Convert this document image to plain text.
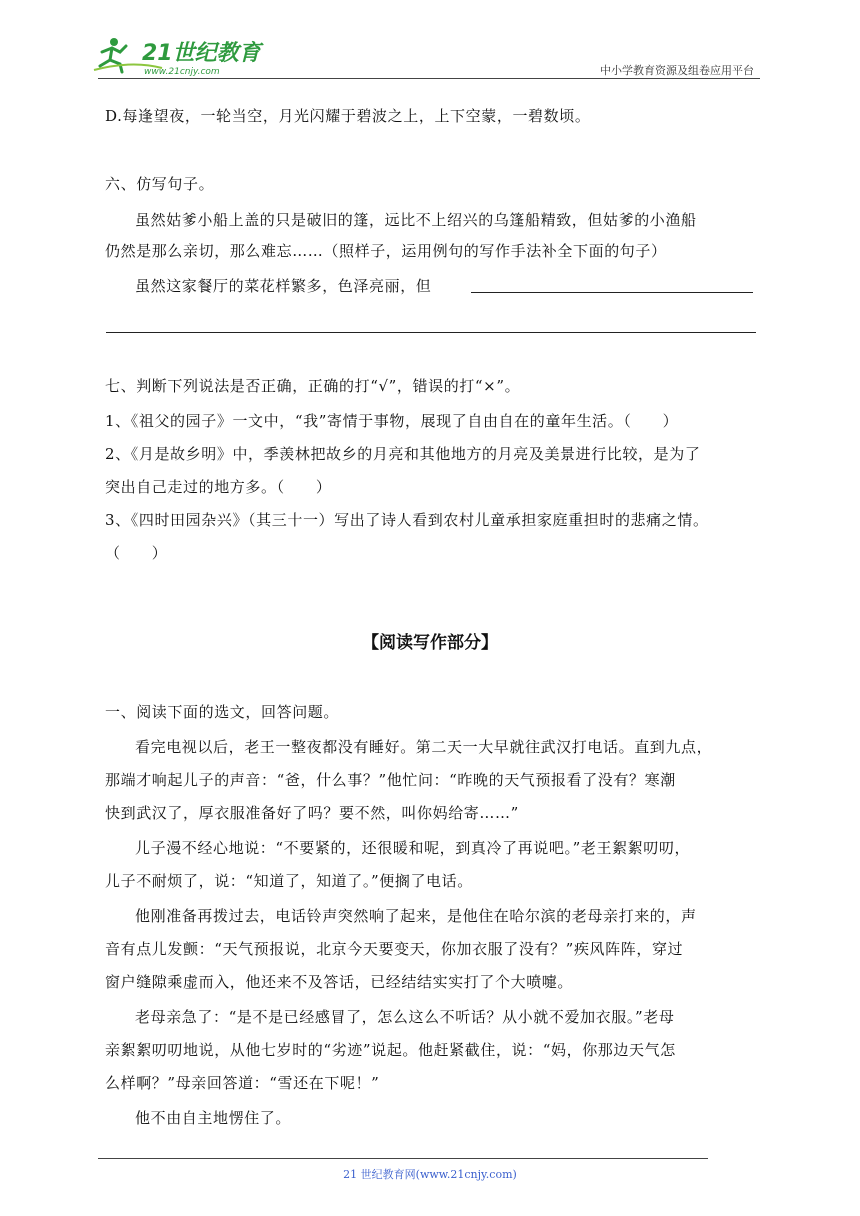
21世纪教育
www.21cnjy.com	中小学教育资源及组卷应用平台
D.每逢望夜，一轮当空，月光闪耀于碧波之上，上下空蒙，一碧数顷。
六、仿写句子。
虽然姑爹小船上盖的只是破旧的篷，远比不上绍兴的乌篷船精致，但姑爹的小渔船
仍然是那么亲切，那么难忘……（照样子，运用例句的写作手法补全下面的句子）
虽然这家餐厅的菜花样繁多，色泽亮丽，但
七、判断下列说法是否正确，正确的打“√”，错误的打“×”。
1、《祖父的园子》一文中，“我”寄情于事物，展现了自由自在的童年生活。（　　）
2、《月是故乡明》中，季羡林把故乡的月亮和其他地方的月亮及美景进行比较，是为了
突出自己走过的地方多。（　　）
3、《四时田园杂兴》（其三十一）写出了诗人看到农村儿童承担家庭重担时的悲痛之情。
（　　）
【阅读写作部分】
一、阅读下面的选文，回答问题。
看完电视以后，老王一整夜都没有睡好。第二天一大早就往武汉打电话。直到九点，
那端才响起儿子的声音：“爸，什么事？”他忙问：“昨晚的天气预报看了没有？寒潮
快到武汉了，厚衣服准备好了吗？要不然，叫你妈给寄……”
儿子漫不经心地说：“不要紧的，还很暖和呢，到真冷了再说吧。”老王絮絮叨叨，
儿子不耐烦了，说：“知道了，知道了。”便搁了电话。
他刚准备再拨过去，电话铃声突然响了起来，是他住在哈尔滨的老母亲打来的，声
音有点儿发颤：“天气预报说，北京今天要变天，你加衣服了没有？”疾风阵阵，穿过
窗户缝隙乘虚而入，他还来不及答话，已经结结实实打了个大喷嚏。
老母亲急了：“是不是已经感冒了，怎么这么不听话？从小就不爱加衣服。”老母
亲絮絮叨叨地说，从他七岁时的“劣迹”说起。他赶紧截住，说：“妈，你那边天气怎
么样啊？”母亲回答道：“雪还在下呢！”
他不由自主地愣住了。
21 世纪教育网(www.21cnjy.com)
